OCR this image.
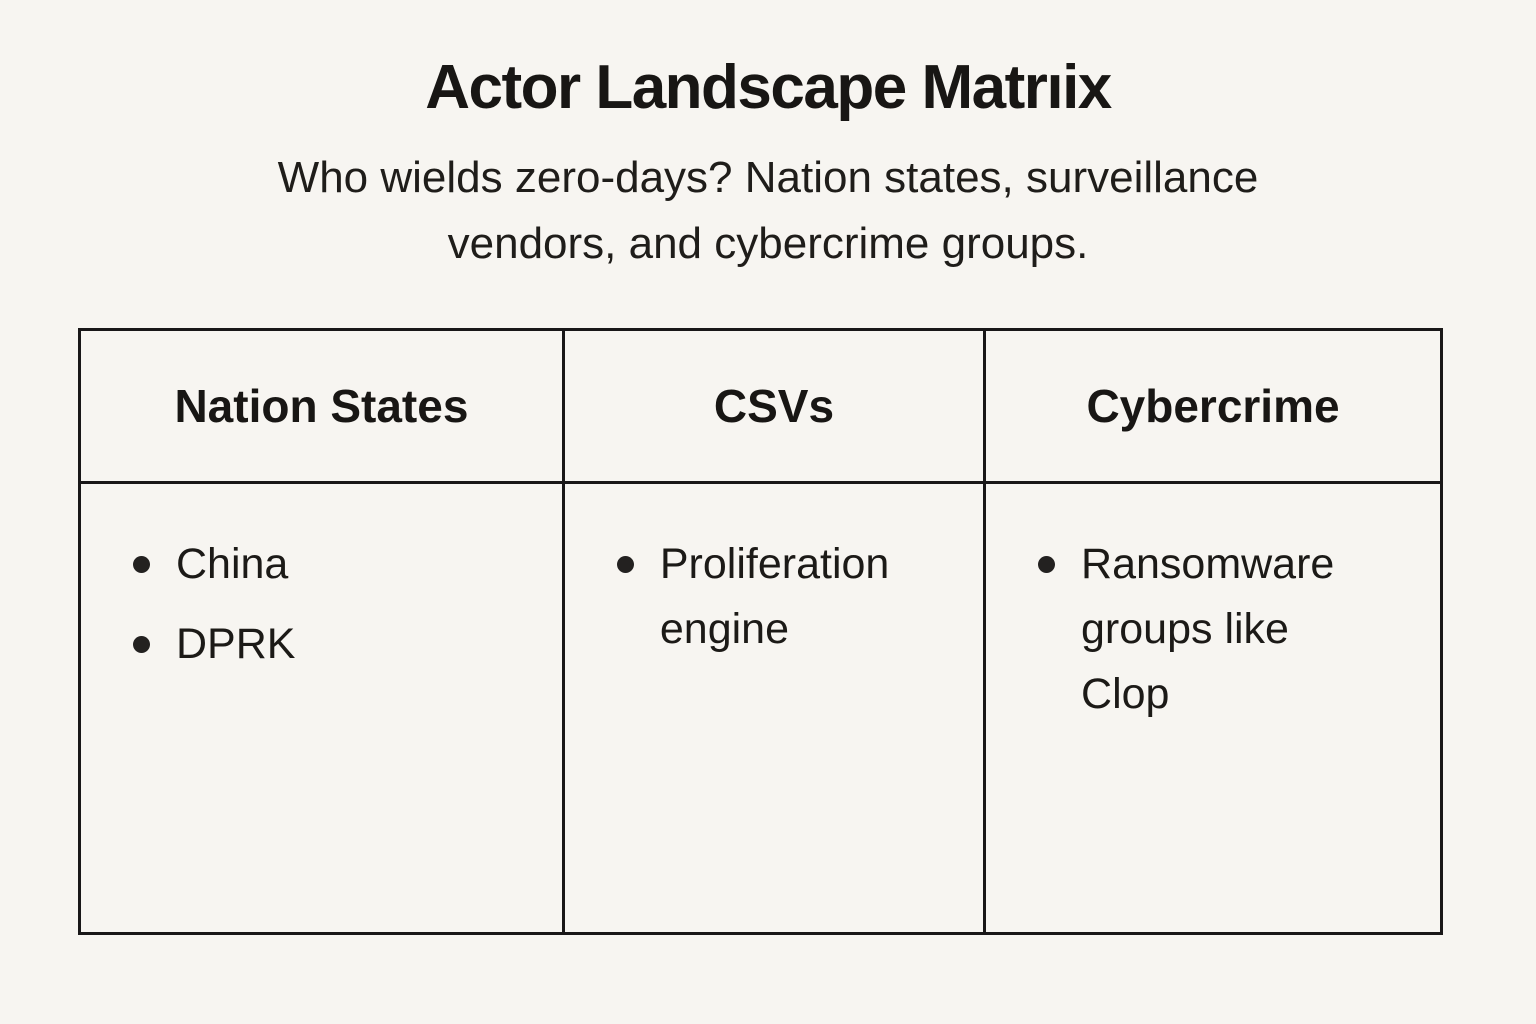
Actor Landscape Matrıix
Who wields zero-days? Nation states, surveillance
vendors, and cybercrime groups.
Nation States	CSVs	Cybercrime
China
DPRK
Proliferation engine
Ransomware groups like Clop
